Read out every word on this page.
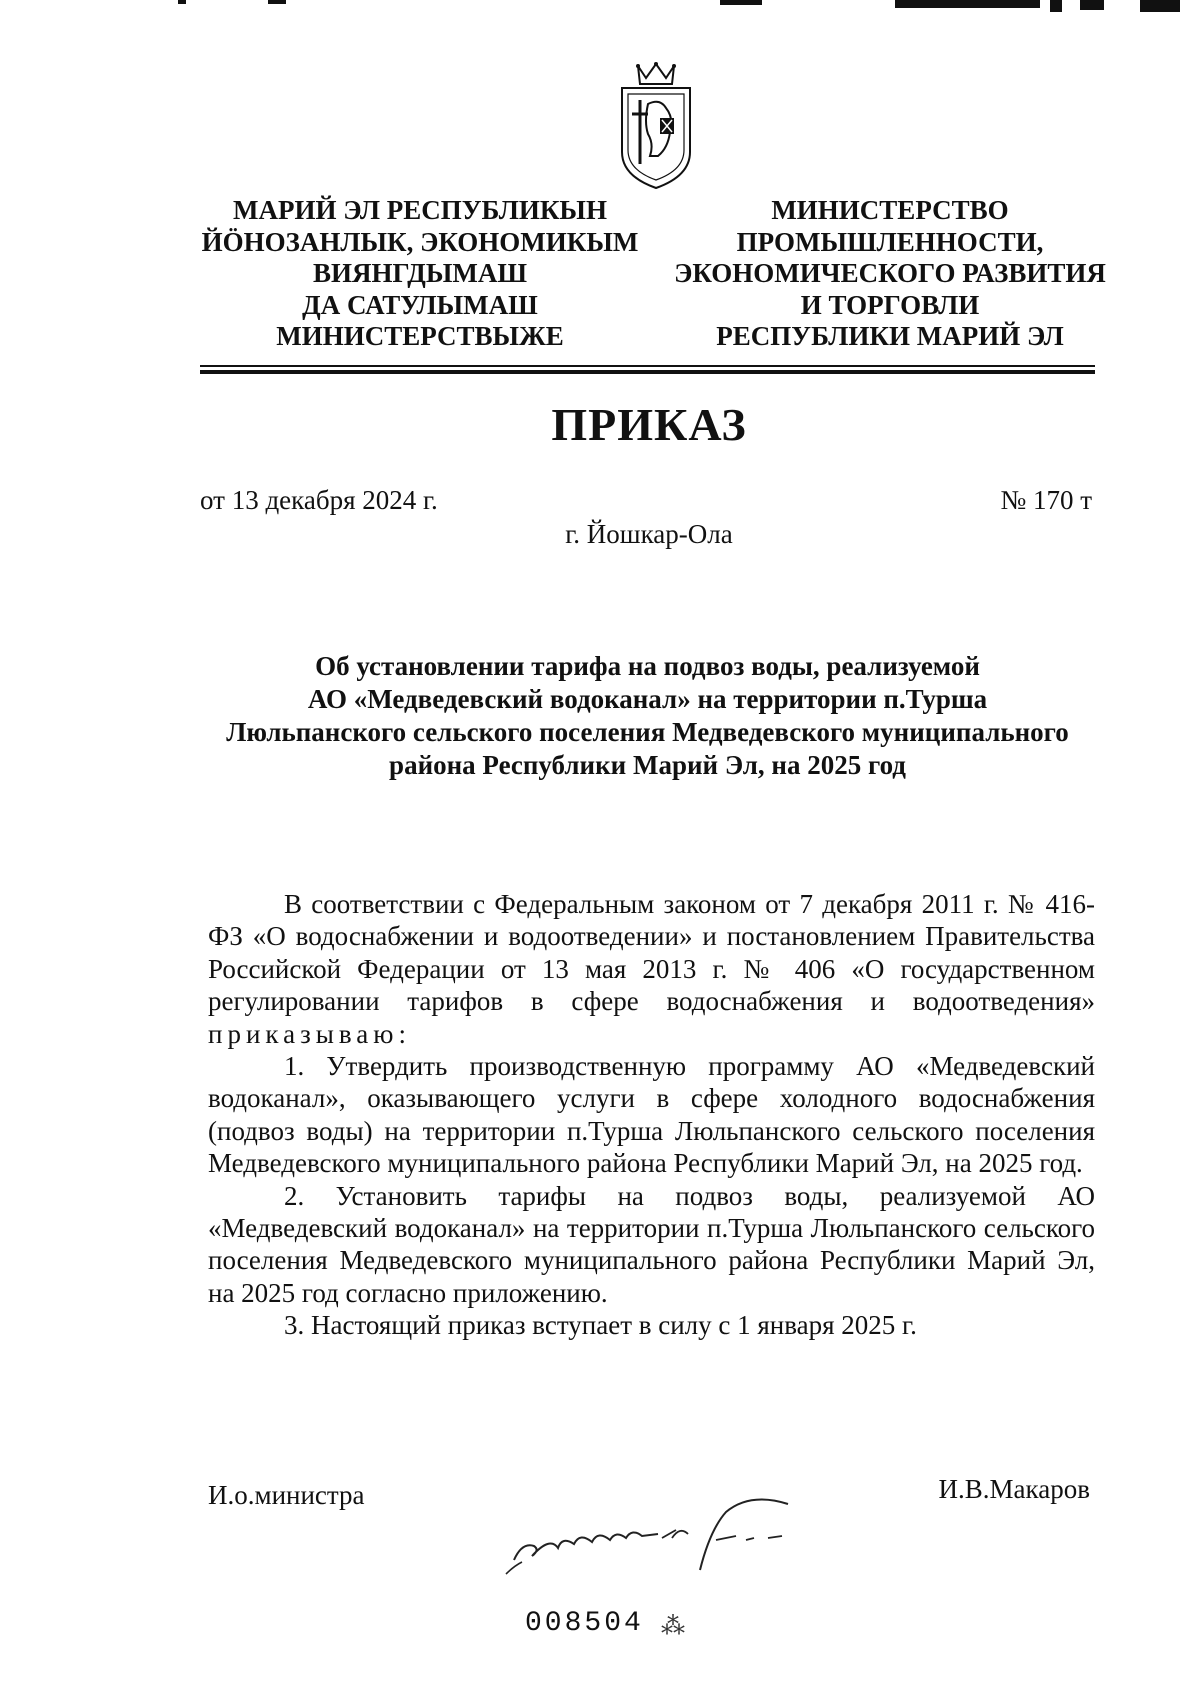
МАРИЙ ЭЛ РЕСПУБЛИКЫН
ЙӦНОЗАНЛЫК, ЭКОНОМИКЫМ
ВИЯНГДЫМАШ
ДА САТУЛЫМАШ
МИНИСТЕРСТВЫЖЕ
МИНИСТЕРСТВО
ПРОМЫШЛЕННОСТИ,
ЭКОНОМИЧЕСКОГО РАЗВИТИЯ
И ТОРГОВЛИ
РЕСПУБЛИКИ МАРИЙ ЭЛ
ПРИКАЗ
от 13 декабря 2024 г.	№ 170 т
г. Йошкар-Ола
Об установлении тарифа на подвоз воды, реализуемой
АО «Медведевский водоканал» на территории п.Турша
Люльпанского сельского поселения Медведевского муниципального
района Республики Марий Эл, на 2025 год

В соответствии с Федеральным законом от 7 декабря 2011 г. № 416-ФЗ «О водоснабжении и водоотведении» и постановлением Правительства Российской Федерации от 13 мая 2013 г. № 406 «О государственном регулировании тарифов в сфере водоснабжения и водоотведения» приказываю:

1. Утвердить производственную программу АО «Медведевский водоканал», оказывающего услуги в сфере холодного водоснабжения (подвоз воды) на территории п.Турша Люльпанского сельского поселения Медведевского муниципального района Республики Марий Эл, на 2025 год.

2. Установить тарифы на подвоз воды, реализуемой АО «Медведевский водоканал» на территории п.Турша Люльпанского сельского поселения Медведевского муниципального района Республики Марий Эл, на 2025 год согласно приложению.

3. Настоящий приказ вступает в силу с 1 января 2025 г.

И.о.министра	И.В.Макаров
008504 ⁂
